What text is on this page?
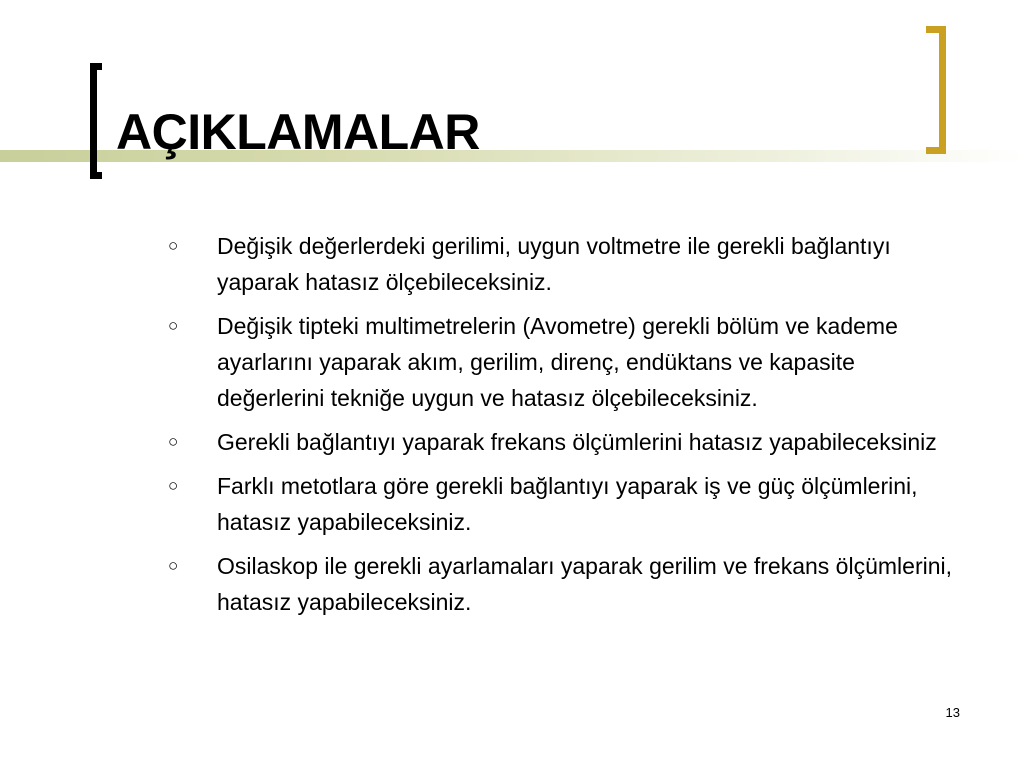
AÇIKLAMALAR
○	Değişik değerlerdeki gerilimi, uygun voltmetre ile gerekli bağlantıyı yaparak hatasız ölçebileceksiniz.
○	Değişik tipteki multimetrelerin (Avometre) gerekli bölüm ve kademe ayarlarını yaparak akım, gerilim, direnç, endüktans ve kapasite değerlerini tekniğe uygun ve hatasız ölçebileceksiniz.
○	Gerekli bağlantıyı yaparak frekans ölçümlerini hatasız yapabileceksiniz
○	Farklı metotlara göre gerekli bağlantıyı yaparak iş ve güç ölçümlerini, hatasız yapabileceksiniz.
○	Osilaskop ile gerekli ayarlamaları yaparak gerilim ve frekans ölçümlerini, hatasız yapabileceksiniz.
13
